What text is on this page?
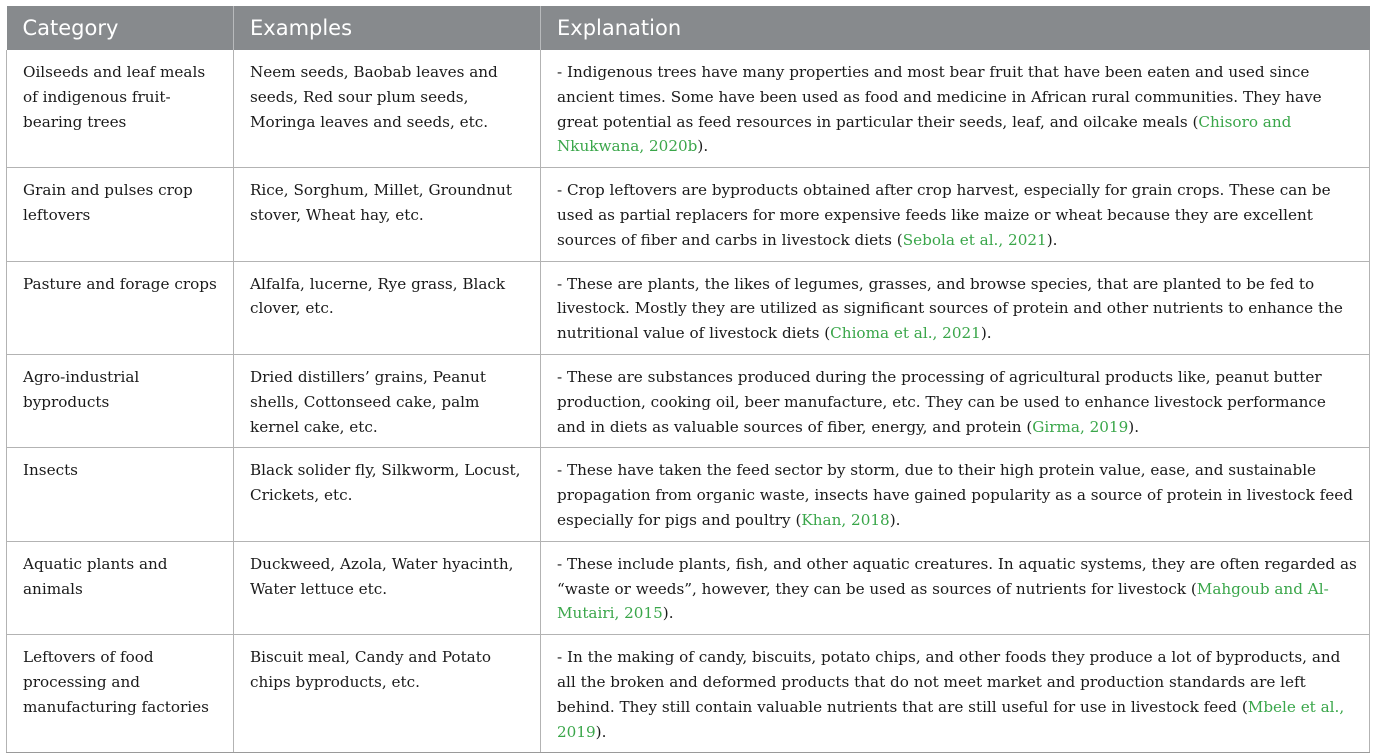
Category	Examples	Explanation
Oilseeds and leaf meals of indigenous fruit-bearing trees	Neem seeds, Baobab leaves and seeds, Red sour plum seeds, Moringa leaves and seeds, etc.	- Indigenous trees have many properties and most bear fruit that have been eaten and used since ancient times. Some have been used as food and medicine in African rural communities. They have great potential as feed resources in particular their seeds, leaf, and oilcake meals (Chisoro and Nkukwana, 2020b).
Grain and pulses crop leftovers	Rice, Sorghum, Millet, Groundnut stover, Wheat hay, etc.	- Crop leftovers are byproducts obtained after crop harvest, especially for grain crops. These can be used as partial replacers for more expensive feeds like maize or wheat because they are excellent sources of fiber and carbs in livestock diets (Sebola et al., 2021).
Pasture and forage crops	Alfalfa, lucerne, Rye grass, Black clover, etc.	- These are plants, the likes of legumes, grasses, and browse species, that are planted to be fed to livestock. Mostly they are utilized as significant sources of protein and other nutrients to enhance the nutritional value of livestock diets (Chioma et al., 2021).
Agro-industrial byproducts	Dried distillers’ grains, Peanut shells, Cottonseed cake, palm kernel cake, etc.	- These are substances produced during the processing of agricultural products like, peanut butter production, cooking oil, beer manufacture, etc. They can be used to enhance livestock performance and in diets as valuable sources of fiber, energy, and protein (Girma, 2019).
Insects	Black solider fly, Silkworm, Locust, Crickets, etc.	- These have taken the feed sector by storm, due to their high protein value, ease, and sustainable propagation from organic waste, insects have gained popularity as a source of protein in livestock feed especially for pigs and poultry (Khan, 2018).
Aquatic plants and animals	Duckweed, Azola, Water hyacinth, Water lettuce etc.	- These include plants, fish, and other aquatic creatures. In aquatic systems, they are often regarded as “waste or weeds”, however, they can be used as sources of nutrients for livestock (Mahgoub and Al-Mutairi, 2015).
Leftovers of food processing and manufacturing factories	Biscuit meal, Candy and Potato chips byproducts, etc.	- In the making of candy, biscuits, potato chips, and other foods they produce a lot of byproducts, and all the broken and deformed products that do not meet market and production standards are left behind. They still contain valuable nutrients that are still useful for use in livestock feed (Mbele et al., 2019).
